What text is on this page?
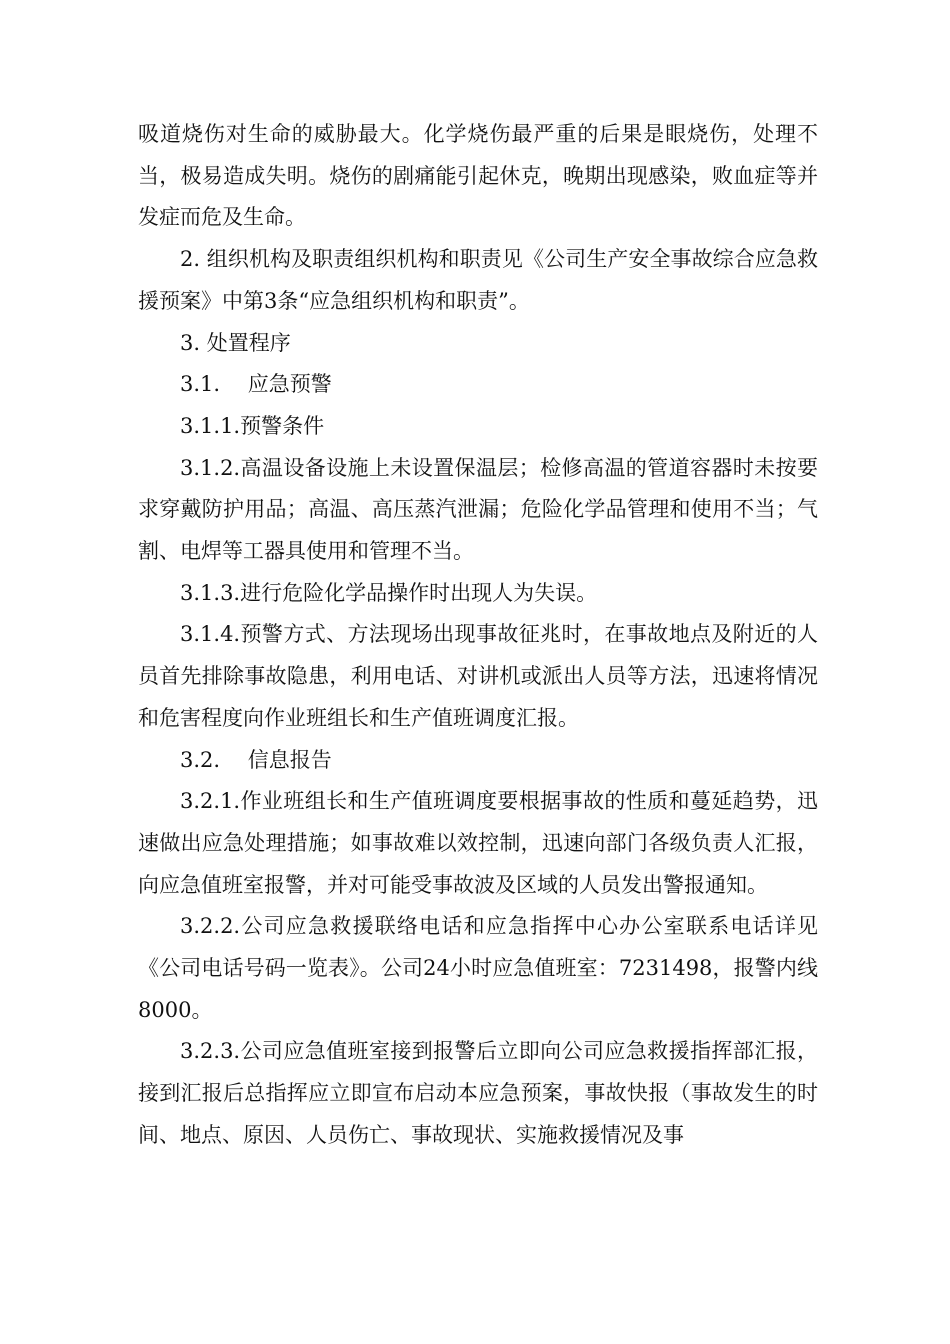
吸道烧伤对生命的威胁最大。化学烧伤最严重的后果是眼烧伤，处理不当，极易造成失明。烧伤的剧痛能引起休克，晚期出现感染，败血症等并发症而危及生命。

2. 组织机构及职责组织机构和职责见《公司生产安全事故综合应急救援预案》中第3条“应急组织机构和职责”。

3. 处置程序

3.1.　 应急预警

3.1.1.预警条件

3.1.2.高温设备设施上未设置保温层；检修高温的管道容器时未按要求穿戴防护用品；高温、高压蒸汽泄漏；危险化学品管理和使用不当；气割、电焊等工器具使用和管理不当。

3.1.3.进行危险化学品操作时出现人为失误。

3.1.4.预警方式、方法现场出现事故征兆时，在事故地点及附近的人员首先排除事故隐患，利用电话、对讲机或派出人员等方法，迅速将情况和危害程度向作业班组长和生产值班调度汇报。

3.2.　 信息报告

3.2.1.作业班组长和生产值班调度要根据事故的性质和蔓延趋势，迅速做出应急处理措施；如事故难以效控制，迅速向部门各级负责人汇报，向应急值班室报警，并对可能受事故波及区域的人员发出警报通知。

3.2.2.公司应急救援联络电话和应急指挥中心办公室联系电话详见《公司电话号码一览表》。公司24小时应急值班室：7231498，报警内线8000。

3.2.3.公司应急值班室接到报警后立即向公司应急救援指挥部汇报，接到汇报后总指挥应立即宣布启动本应急预案，事故快报（事故发生的时间、地点、原因、人员伤亡、事故现状、实施救援情况及事
